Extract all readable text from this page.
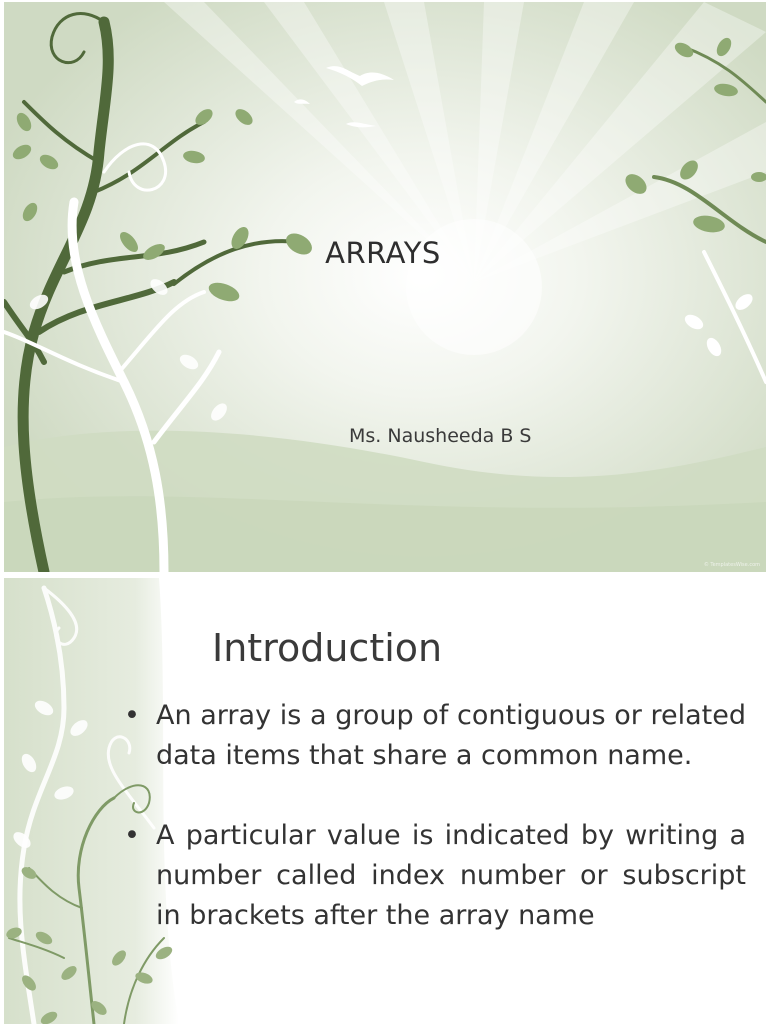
ARRAYS
Ms. Nausheeda B S
© TemplatesWise.com
Introduction
• An array is a group of contiguous or related data items that share a common name.
• A particular value is indicated by writing a number called index number or subscript in brackets after the array name
